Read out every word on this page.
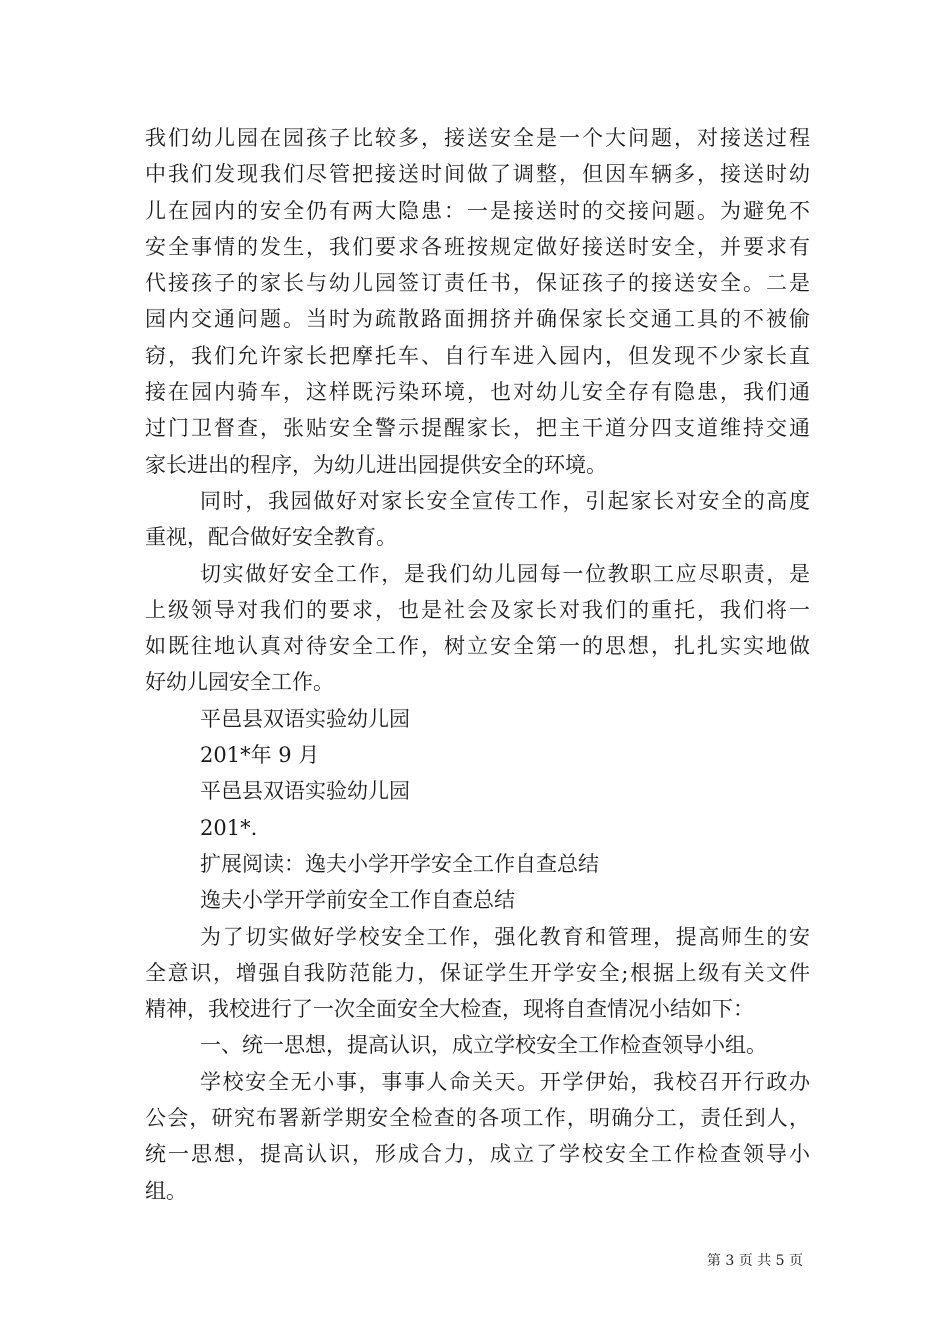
我们幼儿园在园孩子比较多，接送安全是一个大问题，对接送过程
中我们发现我们尽管把接送时间做了调整，但因车辆多，接送时幼
儿在园内的安全仍有两大隐患：一是接送时的交接问题。为避免不
安全事情的发生，我们要求各班按规定做好接送时安全，并要求有
代接孩子的家长与幼儿园签订责任书，保证孩子的接送安全。二是
园内交通问题。当时为疏散路面拥挤并确保家长交通工具的不被偷
窃，我们允许家长把摩托车、自行车进入园内，但发现不少家长直
接在园内骑车，这样既污染环境，也对幼儿安全存有隐患，我们通
过门卫督查，张贴安全警示提醒家长，把主干道分四支道维持交通
家长进出的程序，为幼儿进出园提供安全的环境。
同时，我园做好对家长安全宣传工作，引起家长对安全的高度
重视，配合做好安全教育。
切实做好安全工作，是我们幼儿园每一位教职工应尽职责，是
上级领导对我们的要求，也是社会及家长对我们的重托，我们将一
如既往地认真对待安全工作，树立安全第一的思想，扎扎实实地做
好幼儿园安全工作。
平邑县双语实验幼儿园
201*年 9 月
平邑县双语实验幼儿园
201*.
扩展阅读：逸夫小学开学安全工作自查总结
逸夫小学开学前安全工作自查总结
为了切实做好学校安全工作，强化教育和管理，提高师生的安
全意识，增强自我防范能力，保证学生开学安全;根据上级有关文件
精神，我校进行了一次全面安全大检查，现将自查情况小结如下：
一、统一思想，提高认识，成立学校安全工作检查领导小组。
学校安全无小事，事事人命关天。开学伊始，我校召开行政办
公会，研究布署新学期安全检查的各项工作，明确分工，责任到人，
统一思想，提高认识，形成合力，成立了学校安全工作检查领导小
组。
第 3 页 共 5 页
